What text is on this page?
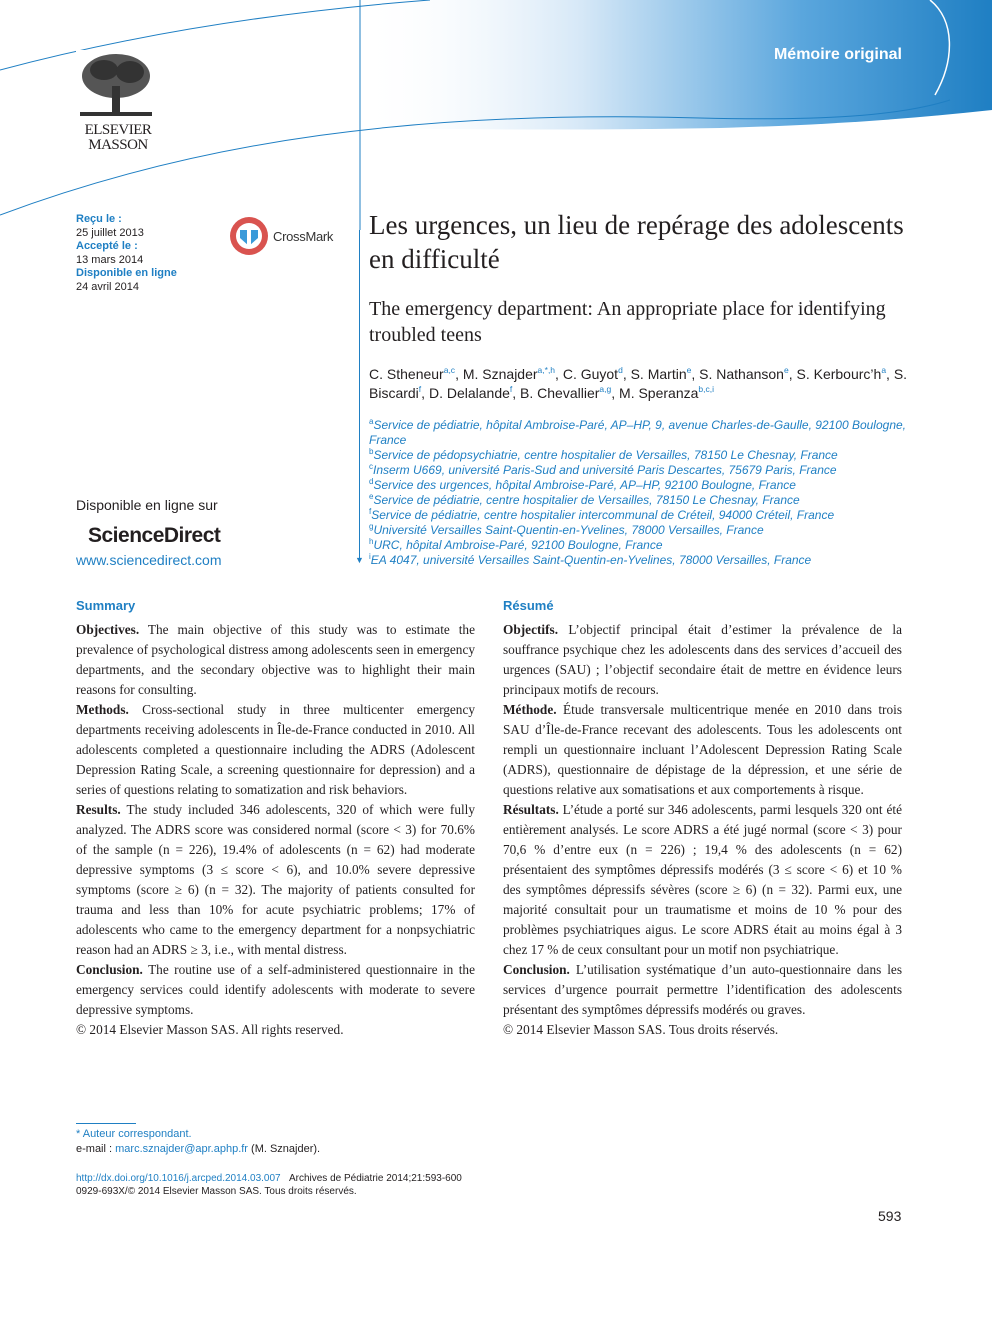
Mémoire original
▼
ELSEVIER
MASSON
Reçu le :
25 juillet 2013
Accepté le :
13 mars 2014
Disponible en ligne
24 avril 2014
CrossMark
Disponible en ligne sur
ScienceDirect
www.sciencedirect.com
Les urgences, un lieu de repérage des adolescents en difficulté
The emergency department: An appropriate place for identifying troubled teens
C. Stheneur$^{a,c}$, M. Sznajder$^{a,*,h}$, C. Guyot$^d$, S. Martin$^e$, S. Nathanson$^e$, S. $Kerbourc’h^a$, S. Biscardi$^f$, D. Delalande$^f$, B. Chevallier$^{a,g}$, M. Speranza$^{b,c,i}$

$^a$Service de pédiatrie, hôpital Ambroise-Paré, AP–HP, 9, avenue Charles-de-Gaulle, 92100 Boulogne, France

$^b$Service de pédopsychiatrie, centre hospitalier de Versailles, 78150 Le Chesnay, France

$^c$Inserm U669, université Paris-Sud and université Paris Descartes, 75679 Paris, France

$^d$Service des urgences, hôpital Ambroise-Paré, AP–HP, 92100 Boulogne, France

$^e$Service de pédiatrie, centre hospitalier de Versailles, 78150 Le Chesnay, France

$^f$Service de pédiatrie, centre hospitalier intercommunal de Créteil, 94000 Créteil, France

$^g$Université Versailles Saint-Quentin-en-Yvelines, 78000 Versailles, France

$^h$URC, hôpital Ambroise-Paré, 92100 Boulogne, France

$^i$EA 4047, université Versailles Saint-Quentin-en-Yvelines, 78000 Versailles, France

Summary

Objectives. The main objective of this study was to estimate the prevalence of psychological distress among adolescents seen in emergency departments, and the secondary objective was to highlight their main reasons for consulting.

Methods. Cross-sectional study in three multicenter emergency departments receiving adolescents in Île-de-France conducted in 2010. All adolescents completed a questionnaire including the ADRS (Adolescent Depression Rating Scale, a screening questionnaire for depression) and a series of questions relating to somatization and risk behaviors.

Results. The study included 346 adolescents, 320 of which were fully analyzed. The ADRS score was considered normal (score < 3) for 70.6% of the sample (n = 226), 19.4% of adolescents (n = 62) had moderate depressive symptoms (3 ≤ score < 6), and 10.0% severe depressive symptoms (score ≥ 6) (n = 32). The majority of patients consulted for trauma and less than 10% for acute psychiatric problems; 17% of adolescents who came to the emergency department for a nonpsychiatric reason had an ADRS ≥ 3, i.e., with mental distress.

Conclusion. The routine use of a self-administered questionnaire in the emergency services could identify adolescents with moderate to severe depressive symptoms.

© 2014 Elsevier Masson SAS. All rights reserved.

Résumé

Objectifs. L’objectif principal était d’estimer la prévalence de la souffrance psychique chez les adolescents dans des services d’accueil des urgences (SAU) ; l’objectif secondaire était de mettre en évidence leurs principaux motifs de recours.

Méthode. Étude transversale multicentrique menée en 2010 dans trois SAU d’Île-de-France recevant des adolescents. Tous les adolescents ont rempli un questionnaire incluant l’Adolescent Depression Rating Scale (ADRS), questionnaire de dépistage de la dépression, et une série de questions relative aux somatisations et aux comportements à risque.

Résultats. L’étude a porté sur 346 adolescents, parmi lesquels 320 ont été entièrement analysés. Le score ADRS a été jugé normal (score < 3) pour 70,6 % d’entre eux (n = 226) ; 19,4 % des adolescents (n = 62) présentaient des symptômes dépressifs modérés (3 ≤ score < 6) et 10 % des symptômes dépressifs sévères (score ≥ 6) (n = 32). Parmi eux, une majorité consultait pour un traumatisme et moins de 10 % pour des problèmes psychiatriques aigus. Le score ADRS était au moins égal à 3 chez 17 % de ceux consultant pour un motif non psychiatrique.

Conclusion. L’utilisation systématique d’un auto-questionnaire dans les services d’urgence pourrait permettre l’identification des adolescents présentant des symptômes dépressifs modérés ou graves.

© 2014 Elsevier Masson SAS. Tous droits réservés.

* Auteur correspondant.
e-mail : marc.sznajder@apr.aphp.fr (M. Sznajder).
http://dx.doi.org/10.1016/j.arcped.2014.03.007 Archives de Pédiatrie 2014;21:593-600
0929-693X/© 2014 Elsevier Masson SAS. Tous droits réservés.
593
